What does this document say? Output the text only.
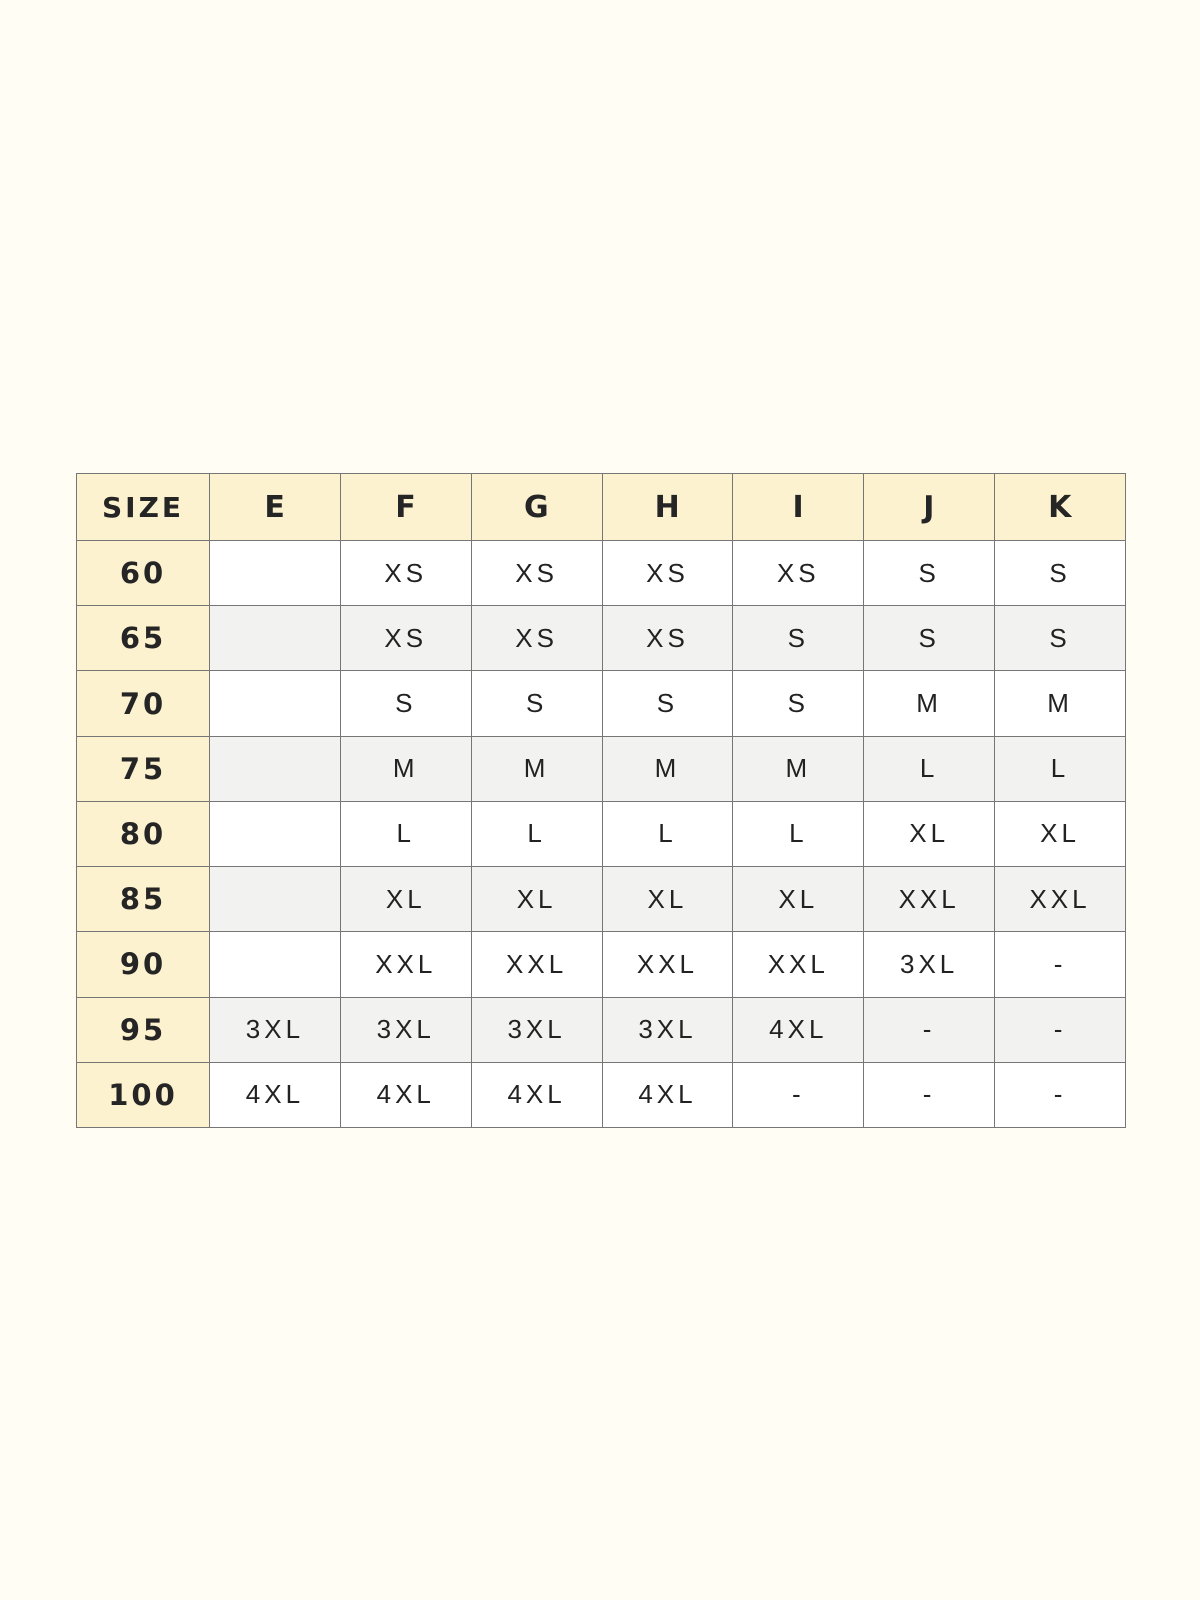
SIZE	E	F	G	H	I	J	K
60		XS	XS	XS	XS	S	S
65		XS	XS	XS	S	S	S
70		S	S	S	S	M	M
75		M	M	M	M	L	L
80		L	L	L	L	XL	XL
85		XL	XL	XL	XL	XXL	XXL
90		XXL	XXL	XXL	XXL	3XL	-
95	3XL	3XL	3XL	3XL	4XL	-	-
100	4XL	4XL	4XL	4XL	-	-	-
